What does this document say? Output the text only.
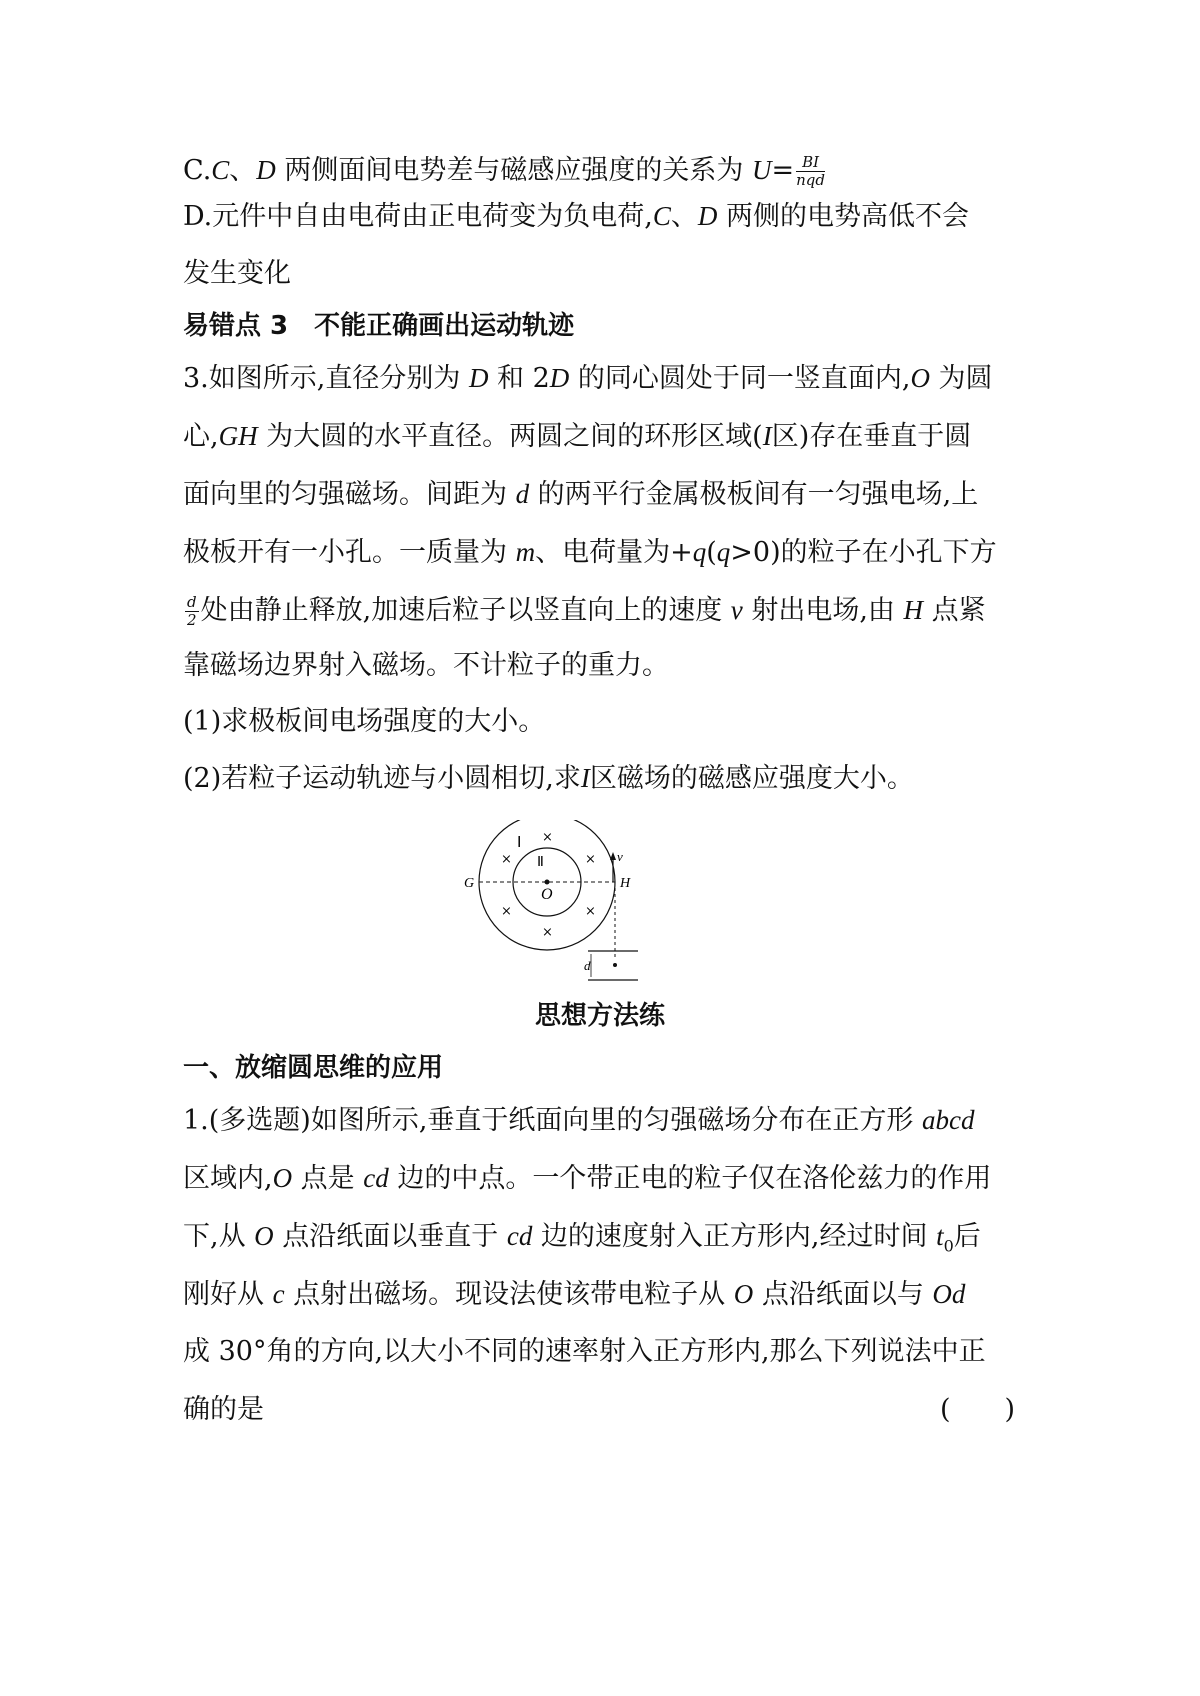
C.C、D 两侧面间电势差与磁感应强度的关系为 $U= \frac{BI}{\text{nqd}}$
D.元件中自由电荷由正电荷变为负电荷,C、D 两侧的电势高低不会
发生变化
易错点 3　不能正确画出运动轨迹
3.如图所示,直径分别为 D 和 2D 的同心圆处于同一竖直面内,O 为圆
心,GH 为大圆的水平直径。两圆之间的环形区域(I区)存在垂直于圆
面向里的匀强磁场。间距为 d 的两平行金属极板间有一匀强电场,上
极板开有一小孔。一质量为 m、电荷量为+q(q>0)的粒子在小孔下方
$\frac{d}{2}$ 处由静止释放,加速后粒子以竖直向上的速度 v 射出电场,由 H 点紧
靠磁场边界射入磁场。不计粒子的重力。
(1)求极板间电场强度的大小。
(2)若粒子运动轨迹与小圆相切,求I区磁场的磁感应强度大小。
Ⅰ
Ⅱ
O
G	H
v
d
×
×	×
×	×
×
思想方法练
一、放缩圆思维的应用
1.(多选题)如图所示,垂直于纸面向里的匀强磁场分布在正方形 abcd
区域内,O 点是 cd 边的中点。一个带正电的粒子仅在洛伦兹力的作用
下,从 O 点沿纸面以垂直于 cd 边的速度射入正方形内,经过时间 $t_0$后
刚好从 c 点射出磁场。现设法使该带电粒子从 O 点沿纸面以与 Od
成 30°角的方向,以大小不同的速率射入正方形内,那么下列说法中正
确的是	(　　)
